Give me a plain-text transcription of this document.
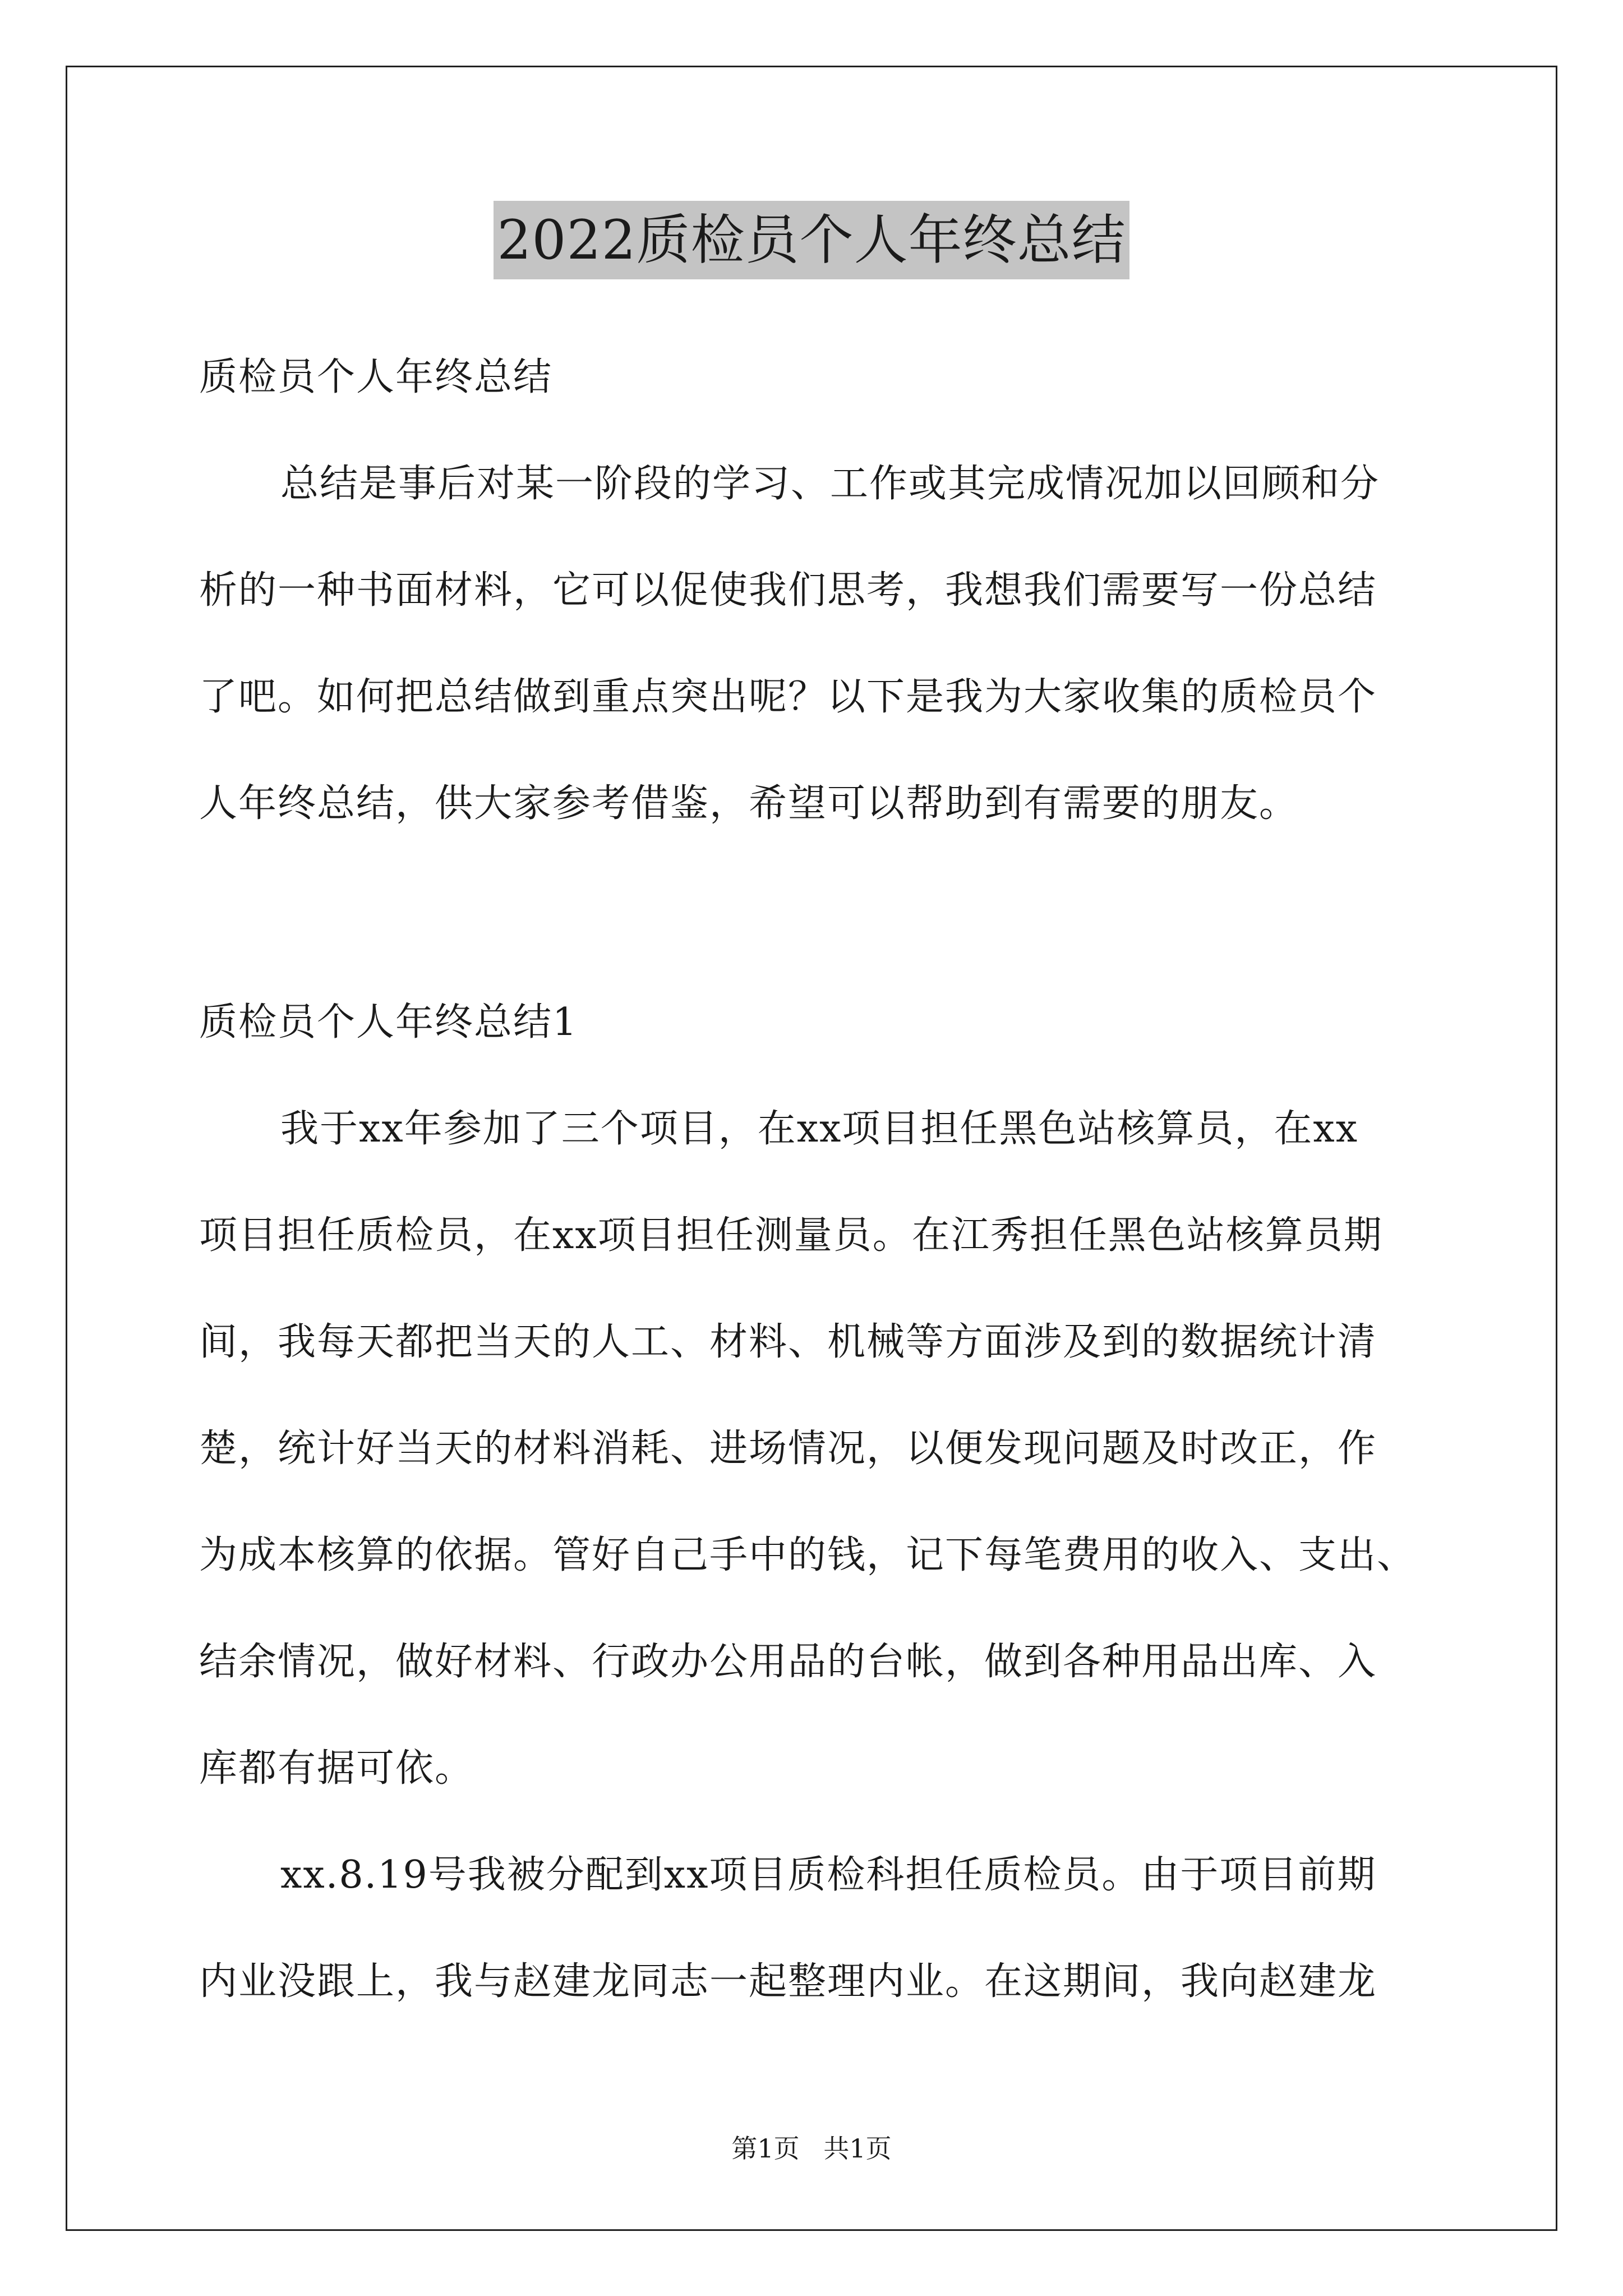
2022质检员个人年终总结
质检员个人年终总结
总结是事后对某一阶段的学习、工作或其完成情况加以回顾和分
析的一种书面材料，它可以促使我们思考，我想我们需要写一份总结
了吧。如何把总结做到重点突出呢？以下是我为大家收集的质检员个
人年终总结，供大家参考借鉴，希望可以帮助到有需要的朋友。
质检员个人年终总结1
我于xx年参加了三个项目，在xx项目担任黑色站核算员，在xx
项目担任质检员，在xx项目担任测量员。在江秀担任黑色站核算员期
间，我每天都把当天的人工、材料、机械等方面涉及到的数据统计清
楚，统计好当天的材料消耗、进场情况，以便发现问题及时改正，作
为成本核算的依据。管好自己手中的钱，记下每笔费用的收入、支出、
结余情况，做好材料、行政办公用品的台帐，做到各种用品出库、入
库都有据可依。
xx.8.19号我被分配到xx项目质检科担任质检员。由于项目前期
内业没跟上，我与赵建龙同志一起整理内业。在这期间，我向赵建龙
第1页 共1页
